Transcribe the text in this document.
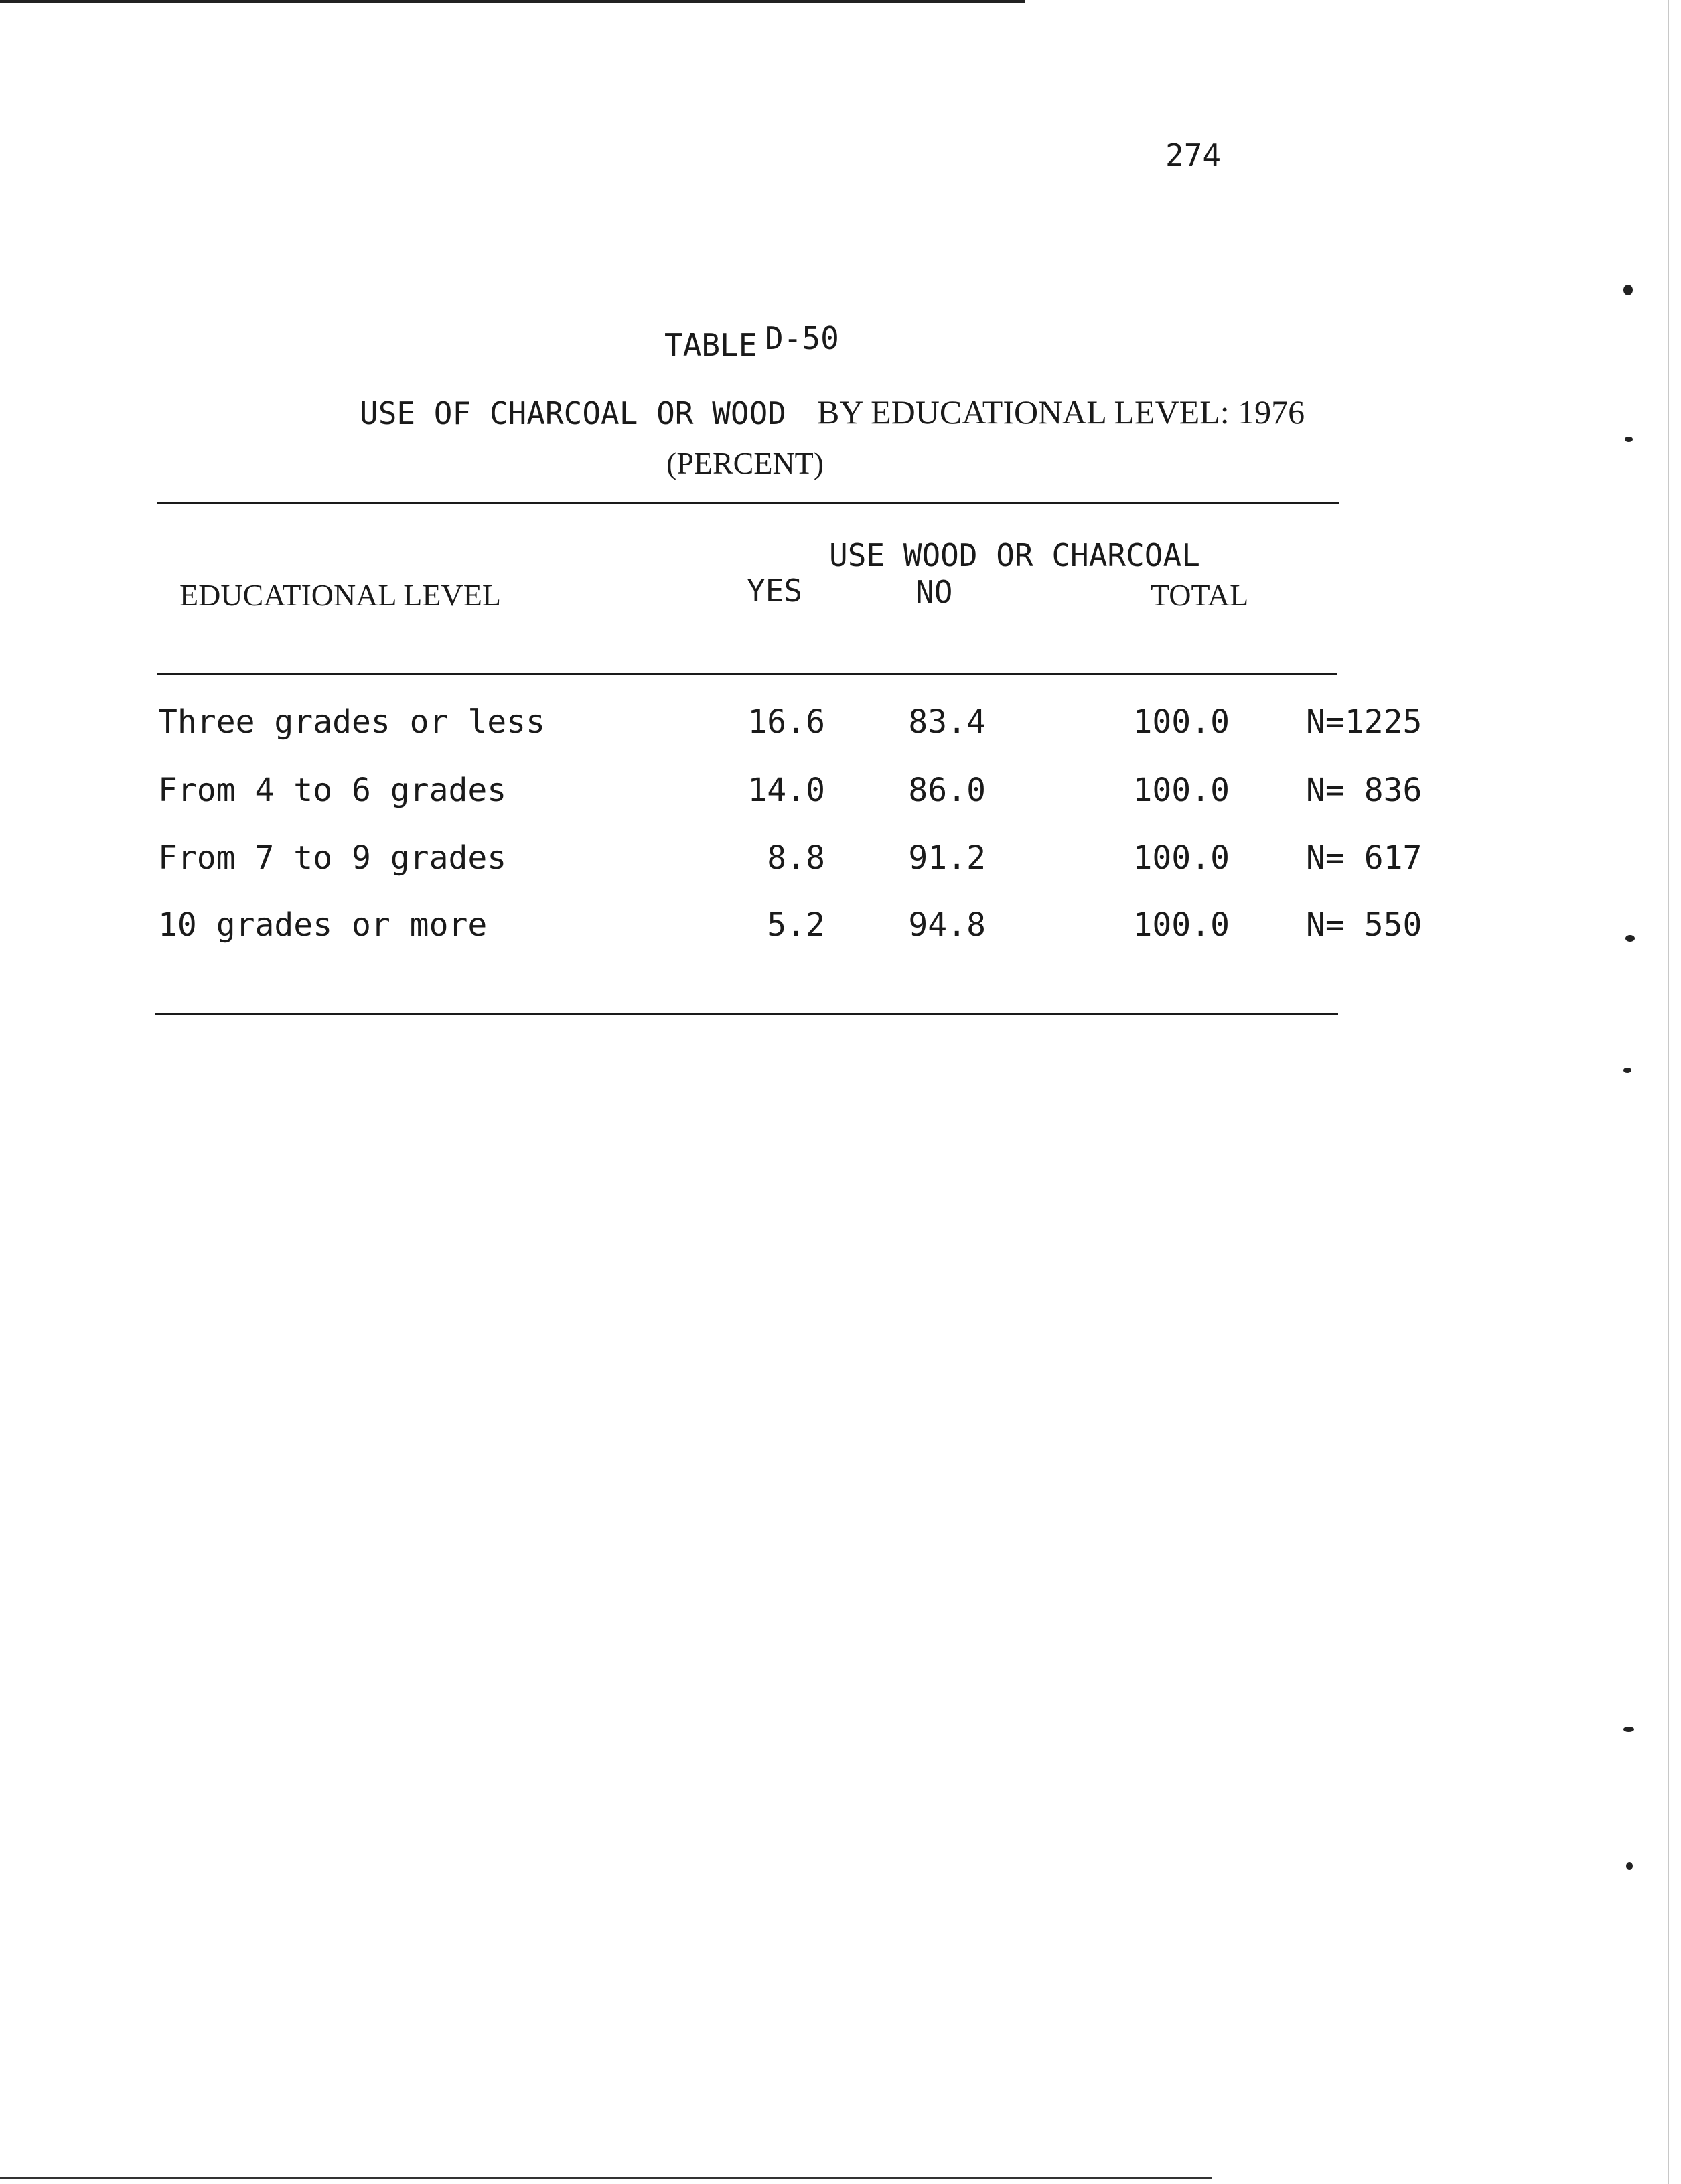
274
TABLE D-50
USE OF CHARCOAL OR WOOD BY EDUCATIONAL LEVEL: 1976
(PERCENT)
USE WOOD OR CHARCOAL
EDUCATIONAL LEVEL	YES	NO	TOTAL
Three grades or less	16.6	83.4	100.0 N=1225
From 4 to 6 grades	14.0	86.0	100.0 N= 836
From 7 to 9 grades	8.8	91.2	100.0 N= 617
10 grades or more	5.2	94.8	100.0 N= 550
